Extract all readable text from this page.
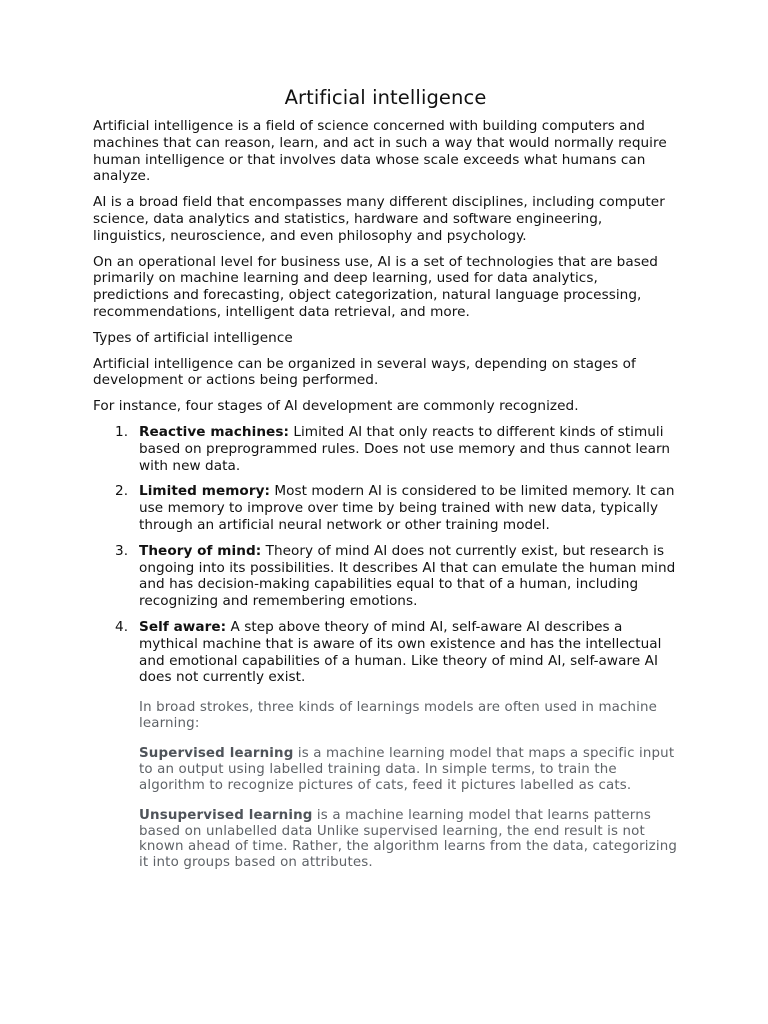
Artificial intelligence

Artificial intelligence is a field of science concerned with building computers and machines that can reason, learn, and act in such a way that would normally require human intelligence or that involves data whose scale exceeds what humans can analyze.

AI is a broad field that encompasses many different disciplines, including computer science, data analytics and statistics, hardware and software engineering, linguistics, neuroscience, and even philosophy and psychology.

On an operational level for business use, AI is a set of technologies that are based primarily on machine learning and deep learning, used for data analytics, predictions and forecasting, object categorization, natural language processing, recommendations, intelligent data retrieval, and more.

Types of artificial intelligence

Artificial intelligence can be organized in several ways, depending on stages of development or actions being performed.

For instance, four stages of AI development are commonly recognized.

1. Reactive machines: Limited AI that only reacts to different kinds of stimuli based on preprogrammed rules. Does not use memory and thus cannot learn with new data.
2. Limited memory: Most modern AI is considered to be limited memory. It can use memory to improve over time by being trained with new data, typically through an artificial neural network or other training model.
3. Theory of mind: Theory of mind AI does not currently exist, but research is ongoing into its possibilities. It describes AI that can emulate the human mind and has decision-making capabilities equal to that of a human, including recognizing and remembering emotions.
4. Self aware: A step above theory of mind AI, self-aware AI describes a mythical machine that is aware of its own existence and has the intellectual and emotional capabilities of a human. Like theory of mind AI, self-aware AI does not currently exist.

In broad strokes, three kinds of learnings models are often used in machine learning:

Supervised learning is a machine learning model that maps a specific input to an output using labelled training data. In simple terms, to train the algorithm to recognize pictures of cats, feed it pictures labelled as cats.

Unsupervised learning is a machine learning model that learns patterns based on unlabelled data Unlike supervised learning, the end result is not known ahead of time. Rather, the algorithm learns from the data, categorizing it into groups based on attributes.
